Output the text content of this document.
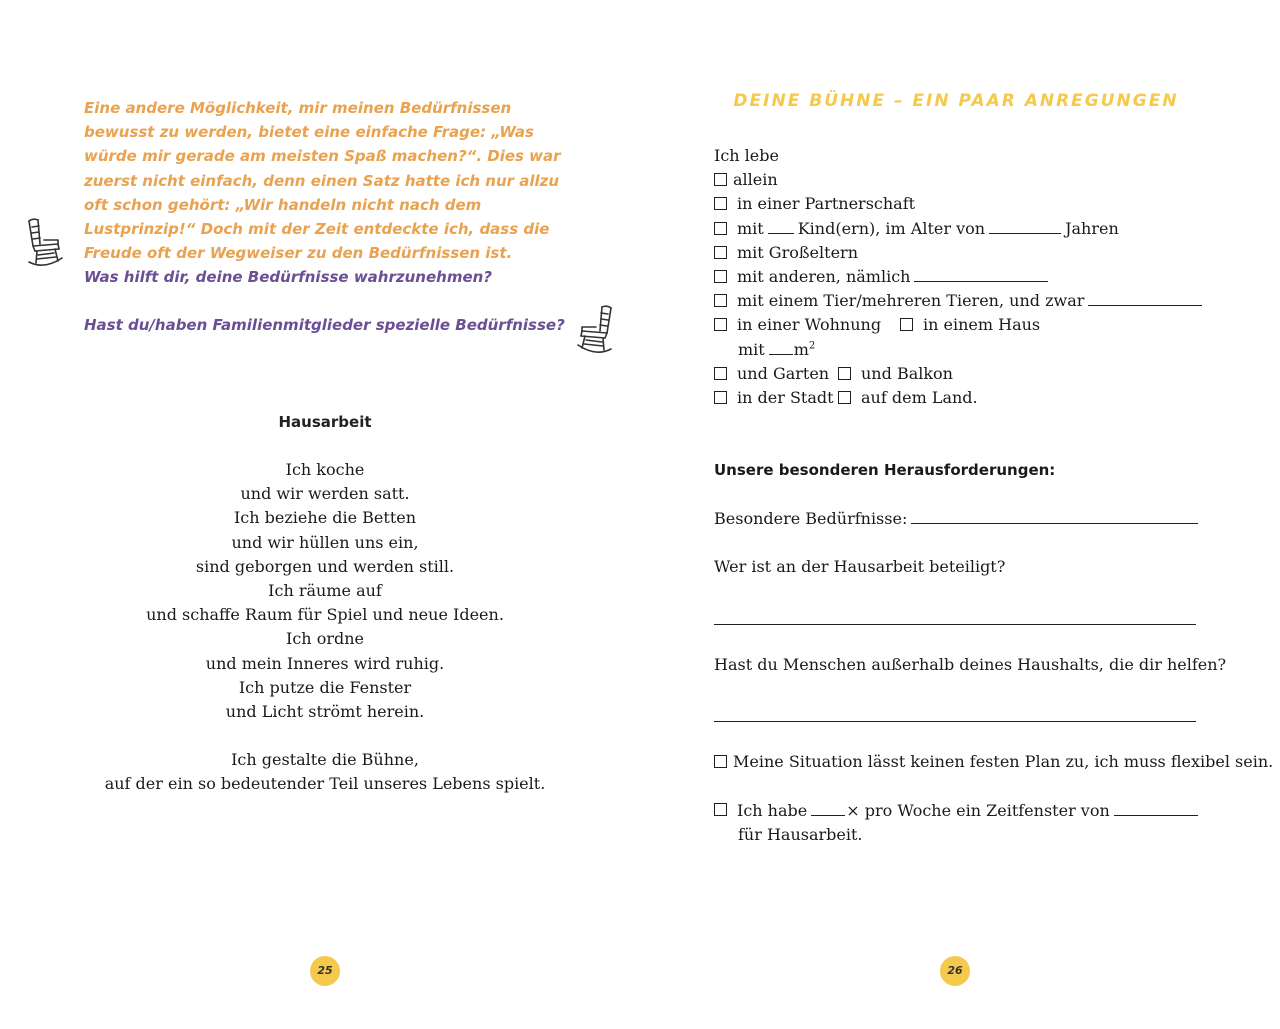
Eine andere Möglichkeit, mir meinen Bedürfnissen bewusst zu werden, bietet eine einfache Frage: „Was würde mir gerade am meisten Spaß machen?“. Dies war zuerst nicht einfach, denn einen Satz hatte ich nur allzu oft schon gehört: „Wir handeln nicht nach dem Lustprinzip!“ Doch mit der Zeit entdeckte ich, dass die Freude oft der Wegweiser zu den Bedürfnissen ist.

Was hilft dir, deine Bedürfnisse wahrzunehmen?

Hast du/haben Familienmitglieder spezielle Bedürfnisse?

Hausarbeit
Ich koche
und wir werden satt.
Ich beziehe die Betten
und wir hüllen uns ein,
sind geborgen und werden still.
Ich räume auf
und schaffe Raum für Spiel und neue Ideen.
Ich ordne
und mein Inneres wird ruhig.
Ich putze die Fenster
und Licht strömt herein.
Ich gestalte die Bühne,
auf der ein so bedeutender Teil unseres Lebens spielt.
25
DEINE BÜHNE – EIN PAAR ANREGUNGEN
Ich lebe
allein
in einer Partnerschaft
mit Kind(ern), im Alter von	Jahren
mit Großeltern
mit anderen, nämlich
mit einem Tier/mehreren Tieren, und zwar
in einer Wohnung	in einem Haus
mit $m^2$
und Garten	und Balkon
in der Stadt	auf dem Land.
Unsere besonderen Herausforderungen:
Besondere Bedürfnisse:
Wer ist an der Hausarbeit beteiligt?
Hast du Menschen außerhalb deines Haushalts, die dir helfen?
Meine Situation lässt keinen festen Plan zu, ich muss flexibel sein.
Ich habe × pro Woche ein Zeitfenster von
für Hausarbeit.
26
